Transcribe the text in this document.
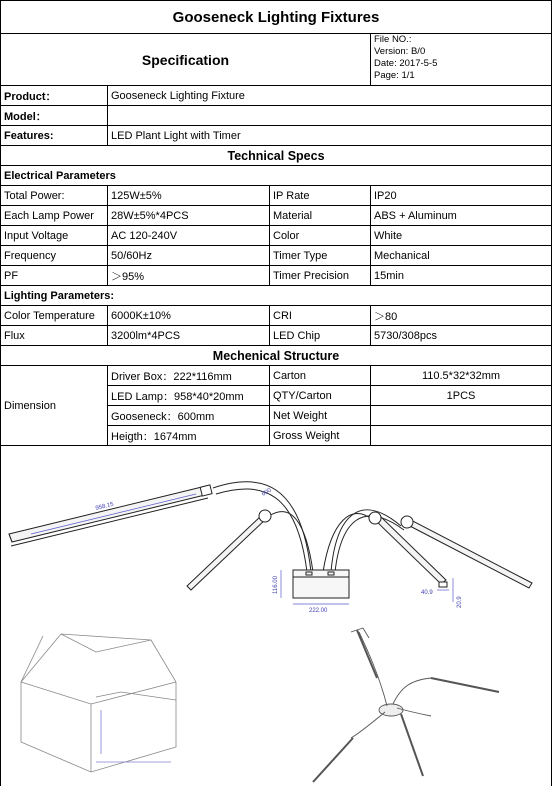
Gooseneck Lighting Fixtures			
Specification			File NO.:
Version: B/0
Date: 2017-5-5
Page: 1/1

Product：	Gooseneck Lighting Fixture		
Model：			
Features:	LED Plant Light with Timer		
Technical Specs			
Electrical Parameters			
Total Power:	125W±5%	IP Rate	IP20
Each Lamp Power	28W±5%*4PCS	Material	ABS + Aluminum
Input Voltage	AC 120-240V	Color	White
Frequency	50/60Hz	Timer Type	Mechanical
PF	＞95%	Timer Precision	15min
Lighting Parameters:			
Color Temperature	6000K±10%	CRI	＞80
Flux	3200lm*4PCS	LED Chip	5730/308pcs
Mechenical Structure			
Dimension	Driver Box：222*116mm	Carton	110.5*32*32mm
	LED Lamp：958*40*20mm	QTY/Carton	1PCS
	Gooseneck：600mm	Net Weight	
	Heigth：1674mm	Gross Weight	
958.15
600
222.00
116.00	40.9
20.9
